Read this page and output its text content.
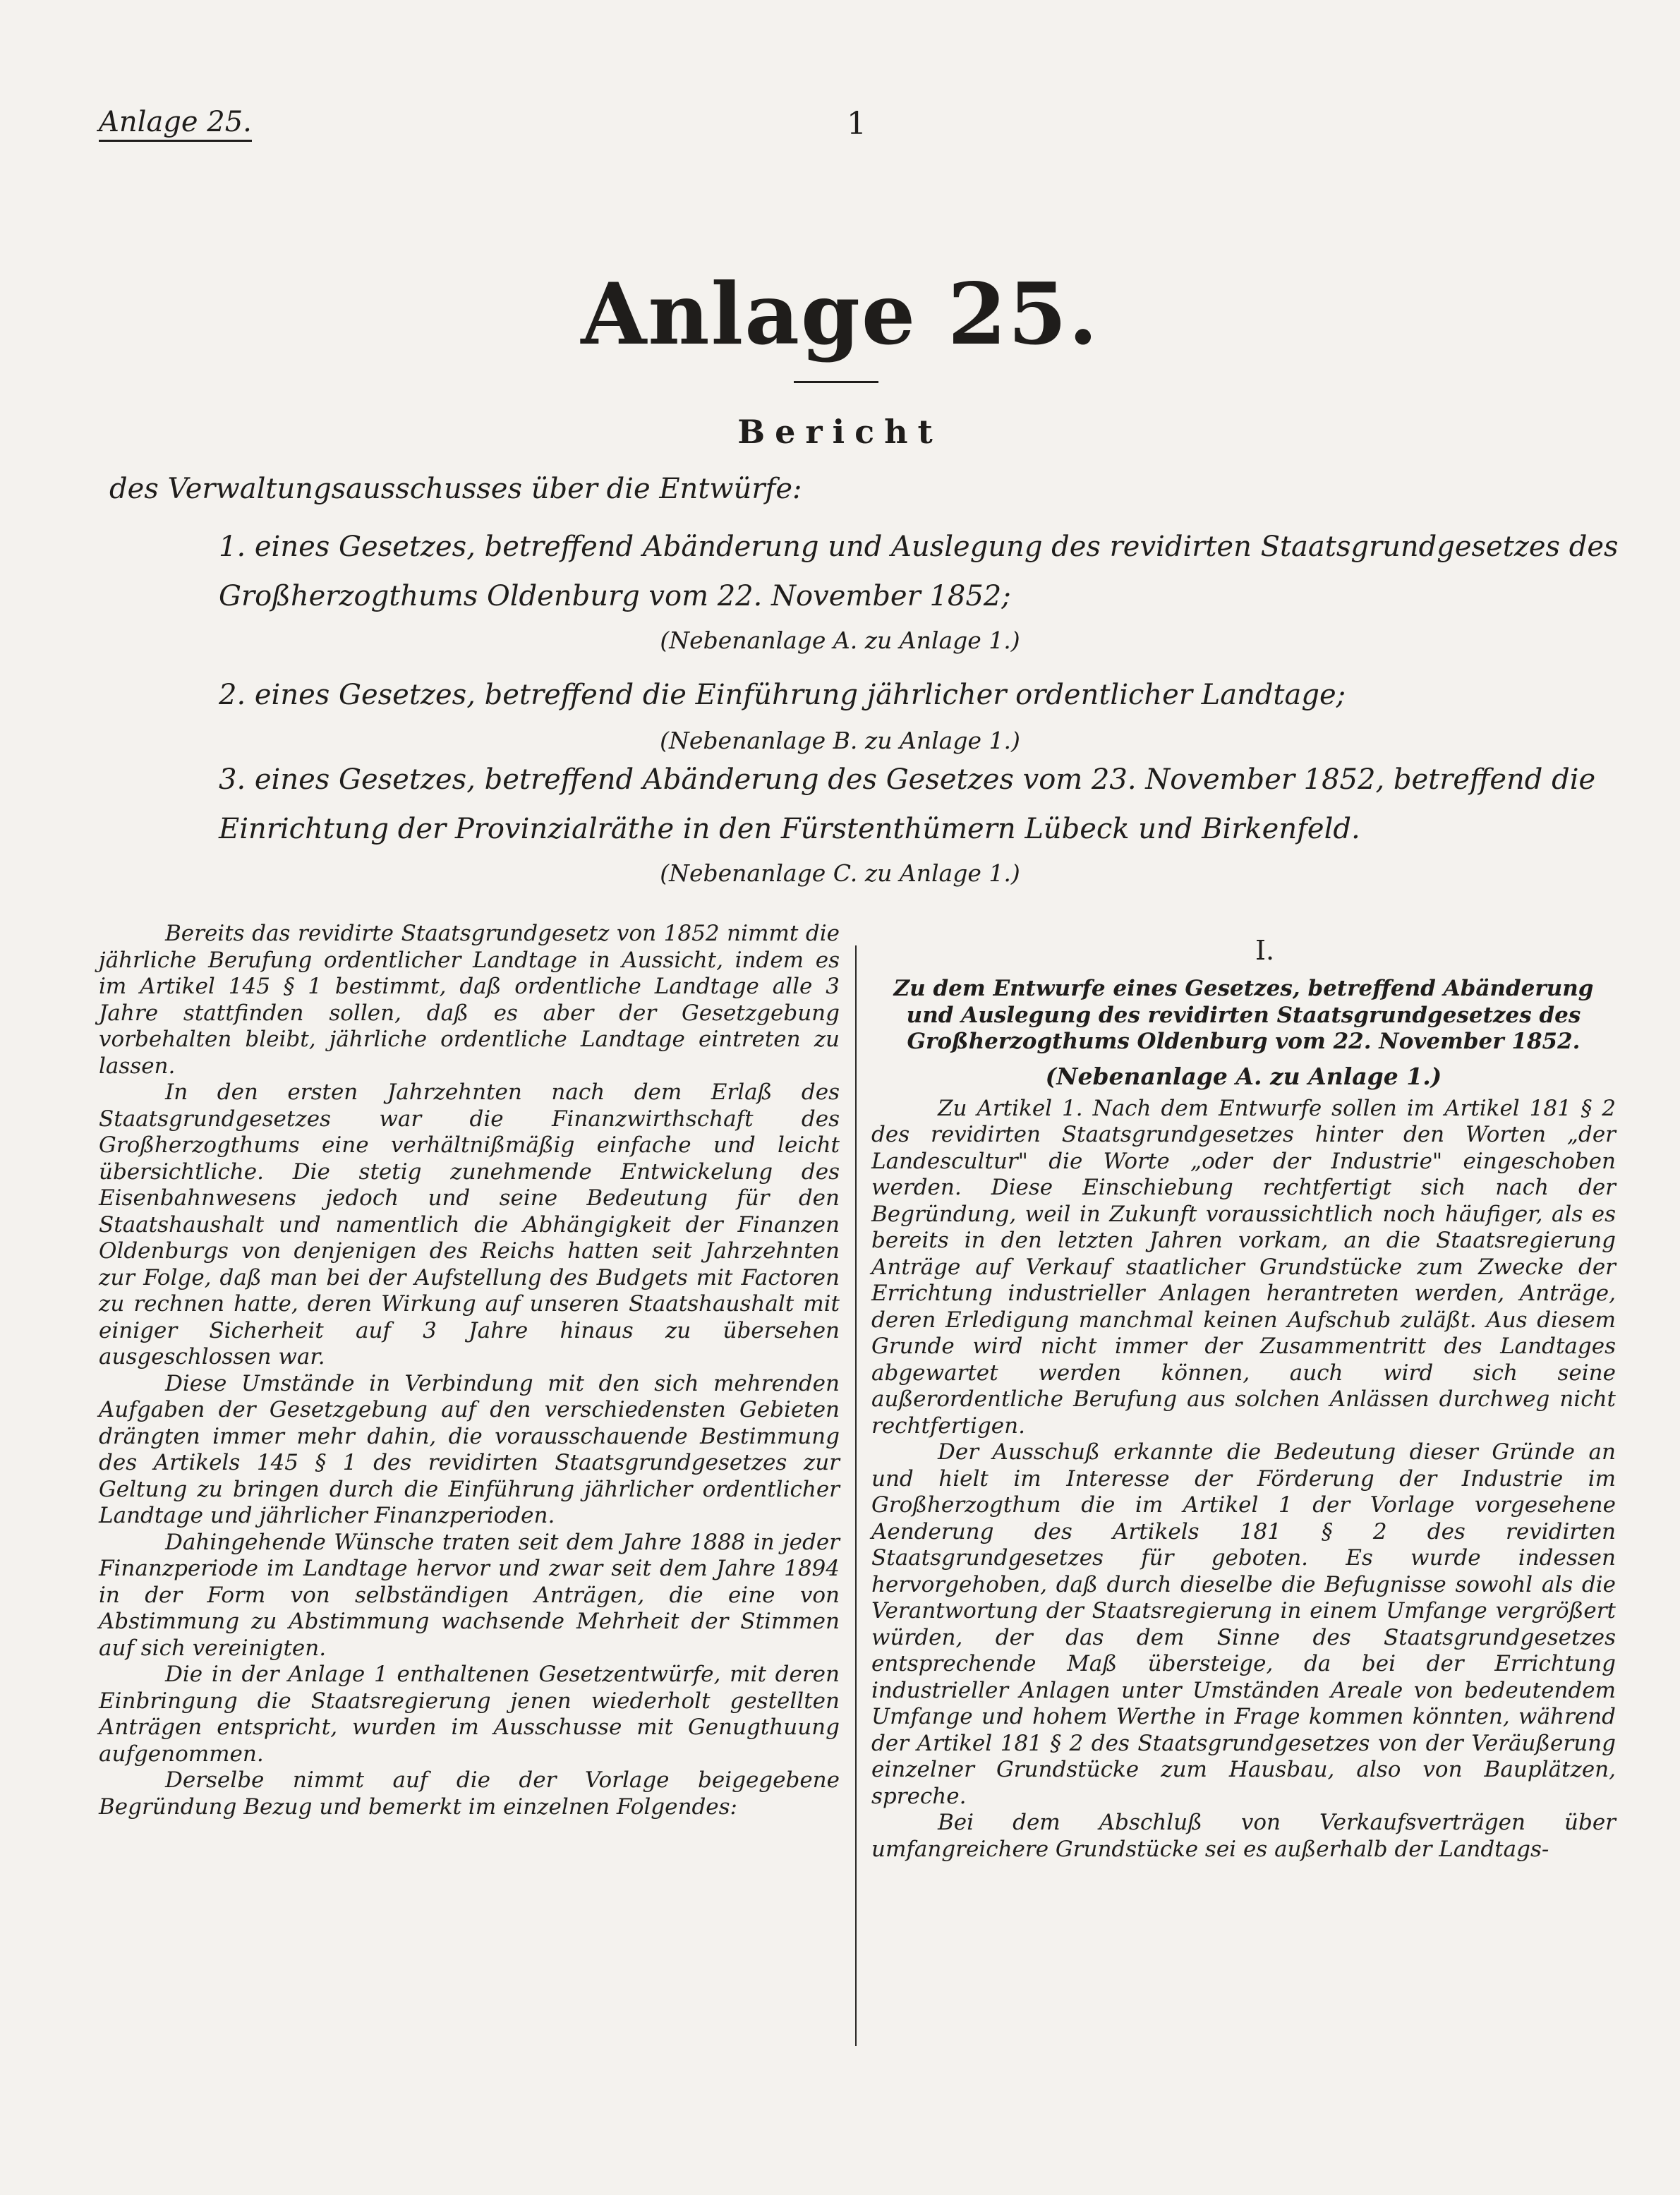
Anlage 25.	1
Anlage 25.
Bericht
des Verwaltungsausschusses über die Entwürfe:
1. eines Gesetzes, betreffend Abänderung und Auslegung des revidirten Staatsgrundgesetzes des Großherzogthums Oldenburg vom 22. November 1852;
(Nebenanlage A. zu Anlage 1.)
2. eines Gesetzes, betreffend die Einführung jährlicher ordentlicher Landtage;
(Nebenanlage B. zu Anlage 1.)
3. eines Gesetzes, betreffend Abänderung des Gesetzes vom 23. November 1852, betreffend die Einrichtung der Provinzialräthe in den Fürstenthümern Lübeck und Birkenfeld.
(Nebenanlage C. zu Anlage 1.)

Bereits das revidirte Staatsgrundgesetz von 1852 nimmt die jährliche Berufung ordentlicher Landtage in Aussicht, indem es im Artikel 145 § 1 bestimmt, daß ordentliche Landtage alle 3 Jahre stattfinden sollen, daß es aber der Gesetzgebung vorbehalten bleibt, jährliche ordentliche Landtage eintreten zu lassen.

In den ersten Jahrzehnten nach dem Erlaß des Staatsgrundgesetzes war die Finanzwirthschaft des Großherzogthums eine verhältnißmäßig einfache und leicht übersichtliche. Die stetig zunehmende Entwickelung des Eisenbahnwesens jedoch und seine Bedeutung für den Staatshaushalt und namentlich die Abhängigkeit der Finanzen Oldenburgs von denjenigen des Reichs hatten seit Jahrzehnten zur Folge, daß man bei der Aufstellung des Budgets mit Factoren zu rechnen hatte, deren Wirkung auf unseren Staatshaushalt mit einiger Sicherheit auf 3 Jahre hinaus zu übersehen ausgeschlossen war.

Diese Umstände in Verbindung mit den sich mehrenden Aufgaben der Gesetzgebung auf den verschiedensten Gebieten drängten immer mehr dahin, die vorausschauende Bestimmung des Artikels 145 § 1 des revidirten Staatsgrundgesetzes zur Geltung zu bringen durch die Einführung jährlicher ordentlicher Landtage und jährlicher Finanzperioden.

Dahingehende Wünsche traten seit dem Jahre 1888 in jeder Finanzperiode im Landtage hervor und zwar seit dem Jahre 1894 in der Form von selbständigen Anträgen, die eine von Abstimmung zu Abstimmung wachsende Mehrheit der Stimmen auf sich vereinigten.

Die in der Anlage 1 enthaltenen Gesetzentwürfe, mit deren Einbringung die Staatsregierung jenen wiederholt gestellten Anträgen entspricht, wurden im Ausschusse mit Genugthuung aufgenommen.

Derselbe nimmt auf die der Vorlage beigegebene Begründung Bezug und bemerkt im einzelnen Folgendes:

I.

Zu dem Entwurfe eines Gesetzes, betreffend Abänderung und Auslegung des revidirten Staatsgrundgesetzes des Großherzogthums Oldenburg vom 22. November 1852.

(Nebenanlage A. zu Anlage 1.)

Zu Artikel 1. Nach dem Entwurfe sollen im Artikel 181 § 2 des revidirten Staatsgrundgesetzes hinter den Worten „der Landescultur" die Worte „oder der Industrie" eingeschoben werden. Diese Einschiebung rechtfertigt sich nach der Begründung, weil in Zukunft voraussichtlich noch häufiger, als es bereits in den letzten Jahren vorkam, an die Staatsregierung Anträge auf Verkauf staatlicher Grundstücke zum Zwecke der Errichtung industrieller Anlagen herantreten werden, Anträge, deren Erledigung manchmal keinen Aufschub zuläßt. Aus diesem Grunde wird nicht immer der Zusammentritt des Landtages abgewartet werden können, auch wird sich seine außerordentliche Berufung aus solchen Anlässen durchweg nicht rechtfertigen.

Der Ausschuß erkannte die Bedeutung dieser Gründe an und hielt im Interesse der Förderung der Industrie im Großherzogthum die im Artikel 1 der Vorlage vorgesehene Aenderung des Artikels 181 § 2 des revidirten Staatsgrundgesetzes für geboten. Es wurde indessen hervorgehoben, daß durch dieselbe die Befugnisse sowohl als die Verantwortung der Staatsregierung in einem Umfange vergrößert würden, der das dem Sinne des Staatsgrundgesetzes entsprechende Maß übersteige, da bei der Errichtung industrieller Anlagen unter Umständen Areale von bedeutendem Umfange und hohem Werthe in Frage kommen könnten, während der Artikel 181 § 2 des Staatsgrundgesetzes von der Veräußerung einzelner Grundstücke zum Hausbau, also von Bauplätzen, spreche.

Bei dem Abschluß von Verkaufsverträgen über umfangreichere Grundstücke sei es außerhalb der Landtags-
